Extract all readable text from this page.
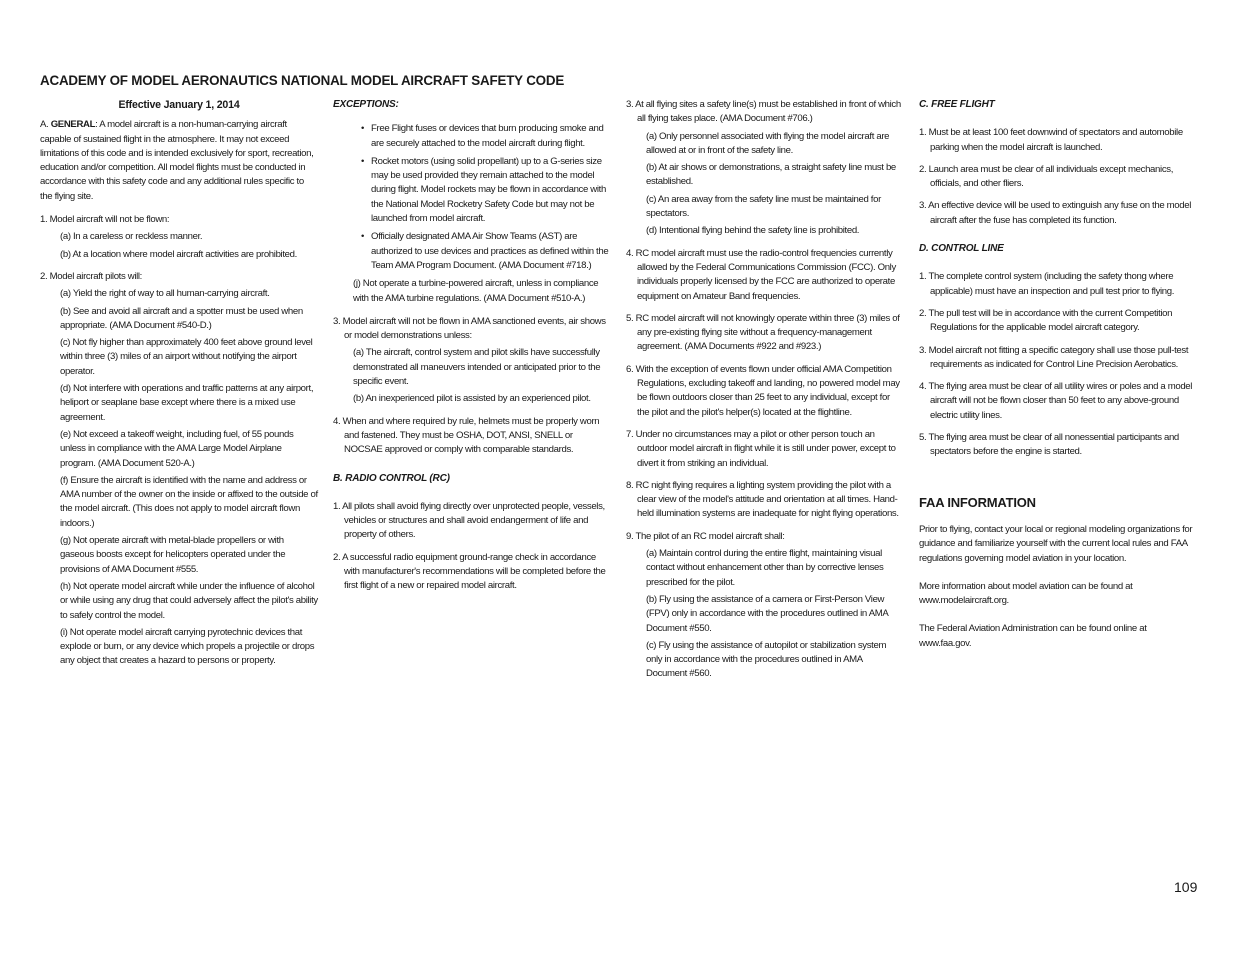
ACADEMY OF MODEL AERONAUTICS NATIONAL MODEL AIRCRAFT SAFETY CODE

Effective January 1, 2014

A. GENERAL: A model aircraft is a non-human-carrying aircraft capable of sustained flight in the atmosphere. It may not exceed limitations of this code and is intended exclusively for sport, recreation, education and/or competition. All model flights must be conducted in accordance with this safety code and any additional rules specific to the flying site.

1. Model aircraft will not be flown:

(a) In a careless or reckless manner.

(b) At a location where model aircraft activities are prohibited.

2. Model aircraft pilots will:

(a) Yield the right of way to all human-carrying aircraft.

(b) See and avoid all aircraft and a spotter must be used when appropriate. (AMA Document #540-D.)

(c) Not fly higher than approximately 400 feet above ground level within three (3) miles of an airport without notifying the airport operator.

(d) Not interfere with operations and traffic patterns at any airport, heliport or seaplane base except where there is a mixed use agreement.

(e) Not exceed a takeoff weight, including fuel, of 55 pounds unless in compliance with the AMA Large Model Airplane program. (AMA Document 520-A.)

(f) Ensure the aircraft is identified with the name and address or AMA number of the owner on the inside or affixed to the outside of the model aircraft. (This does not apply to model aircraft flown indoors.)

(g) Not operate aircraft with metal-blade propellers or with gaseous boosts except for helicopters operated under the provisions of AMA Document #555.

(h) Not operate model aircraft while under the influence of alcohol or while using any drug that could adversely affect the pilot's ability to safely control the model.

(i) Not operate model aircraft carrying pyrotechnic devices that explode or burn, or any device which propels a projectile or drops any object that creates a hazard to persons or property.

EXCEPTIONS:

• Free Flight fuses or devices that burn producing smoke and are securely attached to the model aircraft during flight.
• Rocket motors (using solid propellant) up to a G-series size may be used provided they remain attached to the model during flight. Model rockets may be flown in accordance with the National Model Rocketry Safety Code but may not be launched from model aircraft.
• Officially designated AMA Air Show Teams (AST) are authorized to use devices and practices as defined within the Team AMA Program Document. (AMA Document #718.)

(j) Not operate a turbine-powered aircraft, unless in compliance with the AMA turbine regulations. (AMA Document #510-A.)

3. Model aircraft will not be flown in AMA sanctioned events, air shows or model demonstrations unless:

(a) The aircraft, control system and pilot skills have successfully demonstrated all maneuvers intended or anticipated prior to the specific event.

(b) An inexperienced pilot is assisted by an experienced pilot.

4. When and where required by rule, helmets must be properly worn and fastened. They must be OSHA, DOT, ANSI, SNELL or NOCSAE approved or comply with comparable standards.

B. RADIO CONTROL (RC)

1. All pilots shall avoid flying directly over unprotected people, vessels, vehicles or structures and shall avoid endangerment of life and property of others.

2. A successful radio equipment ground-range check in accordance with manufacturer's recommendations will be completed before the first flight of a new or repaired model aircraft.

3. At all flying sites a safety line(s) must be established in front of which all flying takes place. (AMA Document #706.)

(a) Only personnel associated with flying the model aircraft are allowed at or in front of the safety line.

(b) At air shows or demonstrations, a straight safety line must be established.

(c) An area away from the safety line must be maintained for spectators.

(d) Intentional flying behind the safety line is prohibited.

4. RC model aircraft must use the radio-control frequencies currently allowed by the Federal Communications Commission (FCC). Only individuals properly licensed by the FCC are authorized to operate equipment on Amateur Band frequencies.

5. RC model aircraft will not knowingly operate within three (3) miles of any pre-existing flying site without a frequency-management agreement. (AMA Documents #922 and #923.)

6. With the exception of events flown under official AMA Competition Regulations, excluding takeoff and landing, no powered model may be flown outdoors closer than 25 feet to any individual, except for the pilot and the pilot's helper(s) located at the flightline.

7. Under no circumstances may a pilot or other person touch an outdoor model aircraft in flight while it is still under power, except to divert it from striking an individual.

8. RC night flying requires a lighting system providing the pilot with a clear view of the model's attitude and orientation at all times. Hand-held illumination systems are inadequate for night flying operations.

9. The pilot of an RC model aircraft shall:

(a) Maintain control during the entire flight, maintaining visual contact without enhancement other than by corrective lenses prescribed for the pilot.

(b) Fly using the assistance of a camera or First-Person View (FPV) only in accordance with the procedures outlined in AMA Document #550.

(c) Fly using the assistance of autopilot or stabilization system only in accordance with the procedures outlined in AMA Document #560.

C. FREE FLIGHT

1. Must be at least 100 feet downwind of spectators and automobile parking when the model aircraft is launched.

2. Launch area must be clear of all individuals except mechanics, officials, and other fliers.

3. An effective device will be used to extinguish any fuse on the model aircraft after the fuse has completed its function.

D. CONTROL LINE

1. The complete control system (including the safety thong where applicable) must have an inspection and pull test prior to flying.

2. The pull test will be in accordance with the current Competition Regulations for the applicable model aircraft category.

3. Model aircraft not fitting a specific category shall use those pull-test requirements as indicated for Control Line Precision Aerobatics.

4. The flying area must be clear of all utility wires or poles and a model aircraft will not be flown closer than 50 feet to any above-ground electric utility lines.

5. The flying area must be clear of all nonessential participants and spectators before the engine is started.

FAA INFORMATION

Prior to flying, contact your local or regional modeling organizations for guidance and familiarize yourself with the current local rules and FAA regulations governing model aviation in your location.

More information about model aviation can be found at www.modelaircraft.org.

The Federal Aviation Administration can be found online at www.faa.gov.

109
